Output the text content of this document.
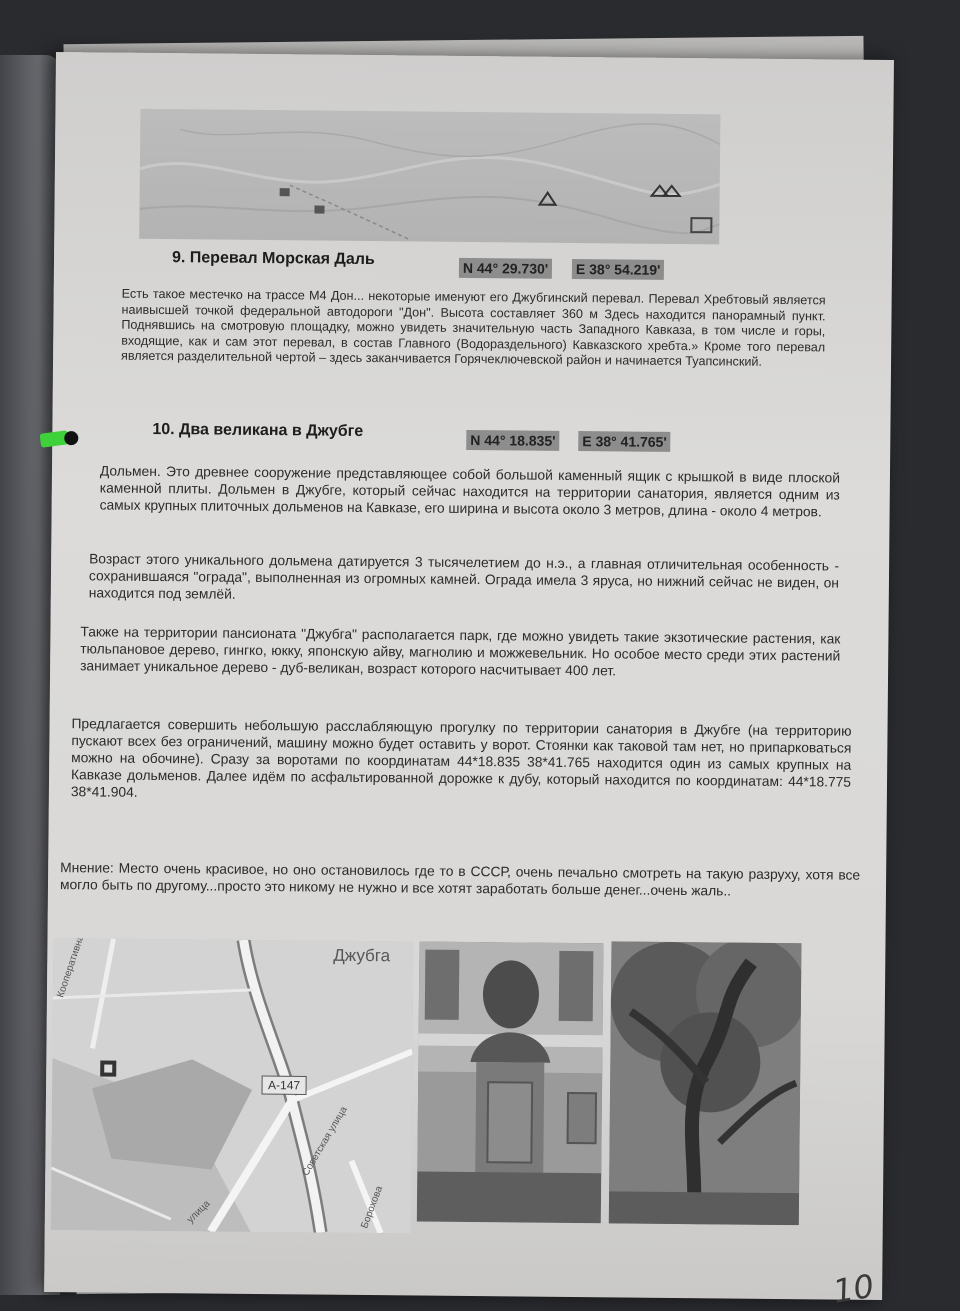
9. Перевал Морская Даль
N 44° 29.730' E 38° 54.219'

Есть такое местечко на трассе М4 Дон... некоторые именуют его Джубгинский перевал. Перевал Хребтовый является наивысшей точкой федеральной автодороги "Дон". Высота составляет 360 м Здесь находится панорамный пункт. Поднявшись на смотровую площадку, можно увидеть значительную часть Западного Кавказа, в том числе и горы, входящие, как и сам этот перевал, в состав Главного (Водораздельного) Кавказского хребта.» Кроме того перевал является разделительной чертой – здесь заканчивается Горячеключевской район и начинается Туапсинский.

10. Два великана в Джубге
N 44° 18.835' E 38° 41.765'

Дольмен. Это древнее сооружение представляющее собой большой каменный ящик с крышкой в виде плоской каменной плиты. Дольмен в Джубге, который сейчас находится на территории санатория, является одним из самых крупных плиточных дольменов на Кавказе, его ширина и высота около 3 метров, длина - около 4 метров.

Возраст этого уникального дольмена датируется 3 тысячелетием до н.э., а главная отличительная особенность - сохранившаяся "ограда", выполненная из огромных камней. Ограда имела 3 яруса, но нижний сейчас не виден, он находится под землёй.

Также на территории пансионата "Джубга" располагается парк, где можно увидеть такие экзотические растения, как тюльпановое дерево, гингко, юкку, японскую айву, магнолию и можжевельник. Но особое место среди этих растений занимает уникальное дерево - дуб-великан, возраст которого насчитывает 400 лет.

Предлагается совершить небольшую расслабляющую прогулку по территории санатория в Джубге (на территорию пускают всех без ограничений, машину можно будет оставить у ворот. Стоянки как таковой там нет, но припарковаться можно на обочине). Сразу за воротами по координатам 44*18.835 38*41.765 находится один из самых крупных на Кавказе дольменов. Далее идём по асфальтированной дорожке к дубу, который находится по координатам: 44*18.775 38*41.904.

Мнение: Место очень красивое, но оно остановилось где то в СССР, очень печально смотреть на такую разруху, хотя все могло быть по другому...просто это никому не нужно и все хотят заработать больше денег...очень жаль..

А-147
Джубга
Советская улица
Бороховa
улица
10
